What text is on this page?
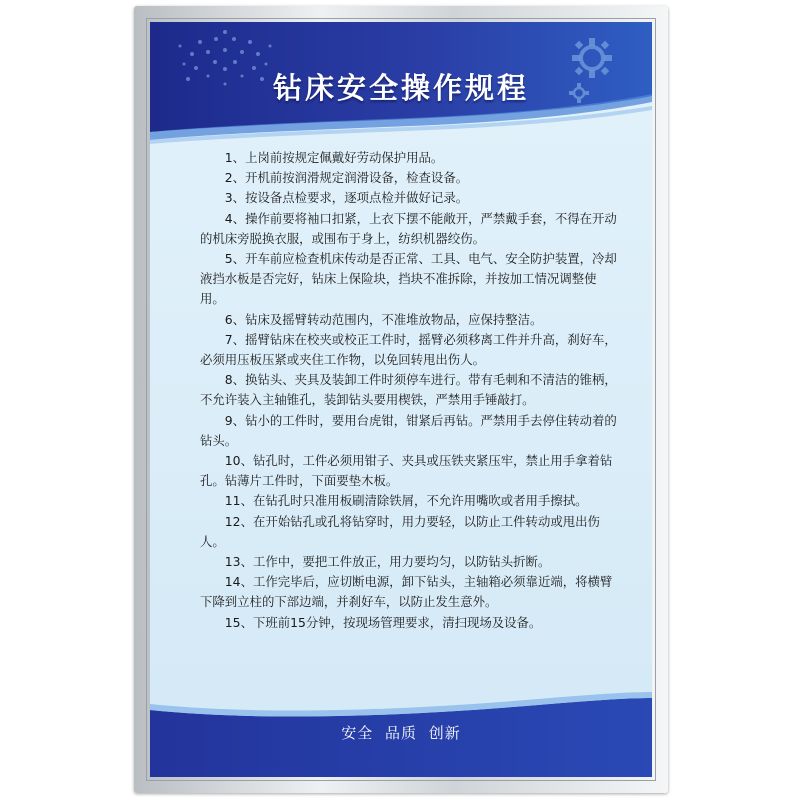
钻床安全操作规程

1、上岗前按规定佩戴好劳动保护用品。

2、开机前按润滑规定润滑设备，检查设备。

3、按设备点检要求，逐项点检并做好记录。

4、操作前要将袖口扣紧，上衣下摆不能敞开，严禁戴手套，不得在开动的机床旁脱换衣服，或围布于身上，纺织机器绞伤。

5、开车前应检查机床传动是否正常、工具、电气、安全防护装置，冷却液挡水板是否完好，钻床上保险块，挡块不准拆除，并按加工情况调整使用。

6、钻床及摇臂转动范围内，不准堆放物品，应保持整洁。

7、摇臂钻床在校夹或校正工件时，摇臂必须移离工件并升高，刹好车，必须用压板压紧或夹住工作物，以免回转甩出伤人。

8、换钻头、夹具及装卸工件时须停车进行。带有毛刺和不清洁的锥柄，不允许装入主轴锥孔，装卸钻头要用楔铁，严禁用手锤敲打。

9、钻小的工件时，要用台虎钳，钳紧后再钻。严禁用手去停住转动着的钻头。

10、钻孔时，工件必须用钳子、夹具或压铁夹紧压牢，禁止用手拿着钻孔。钻薄片工件时，下面要垫木板。

11、在钻孔时只准用板刷清除铁屑，不允许用嘴吹或者用手擦拭。

12、在开始钻孔或孔将钻穿时，用力要轻，以防止工件转动或甩出伤人。

13、工作中，要把工件放正，用力要均匀，以防钻头折断。

14、工作完毕后，应切断电源，卸下钻头，主轴箱必须靠近端，将横臂下降到立柱的下部边端，并刹好车，以防止发生意外。

15、下班前15分钟，按现场管理要求，清扫现场及设备。

安全 品质 创新
